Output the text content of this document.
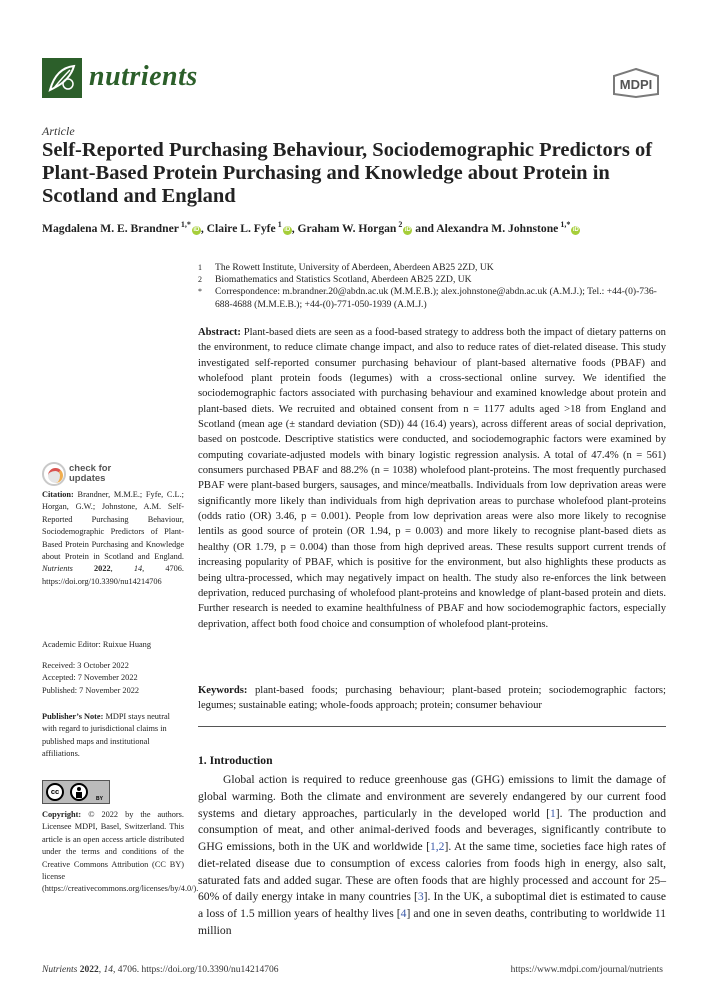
nutrients	MDPI
Article
Self-Reported Purchasing Behaviour, Sociodemographic Predictors of Plant-Based Protein Purchasing and Knowledge about Protein in Scotland and England
Magdalena M. E. Brandner $^{1,*}$iD , Claire L. Fyfe $^1$iD , Graham W. Horgan $^2$iD and Alexandra M. Johnstone $^{1,*}$iD
1	The Rowett Institute, University of Aberdeen, Aberdeen AB25 2ZD, UK
2	Biomathematics and Statistics Scotland, Aberdeen AB25 2ZD, UK
*	Correspondence: m.brandner.20@abdn.ac.uk (M.M.E.B.); alex.johnstone@abdn.ac.uk (A.M.J.); Tel.: +44-(0)-736-688-4688 (M.M.E.B.); +44-(0)-771-050-1939 (A.M.J.)
Abstract: Plant-based diets are seen as a food-based strategy to address both the impact of dietary patterns on the environment, to reduce climate change impact, and also to reduce rates of diet-related disease. This study investigated self-reported consumer purchasing behaviour of plant-based alternative foods (PBAF) and wholefood plant protein foods (legumes) with a cross-sectional online survey. We identified the sociodemographic factors associated with purchasing behaviour and examined knowledge about protein and plant-based diets. We recruited and obtained consent from n = 1177 adults aged >18 from England and Scotland (mean age (± standard deviation (SD)) 44 (16.4) years), across different areas of social deprivation, based on postcode. Descriptive statistics were conducted, and sociodemographic factors were examined by computing covariate-adjusted models with binary logistic regression analysis. A total of 47.4% (n = 561) consumers purchased PBAF and 88.2% (n = 1038) wholefood plant-proteins. The most frequently purchased PBAF were plant-based burgers, sausages, and mince/meatballs. Individuals from low deprivation areas were significantly more likely than individuals from high deprivation areas to purchase wholefood plant-proteins (odds ratio (OR) 3.46, p = 0.001). People from low deprivation areas were also more likely to recognise lentils as good source of protein (OR 1.94, p = 0.003) and more likely to recognise plant-based diets as healthy (OR 1.79, p = 0.004) than those from high deprived areas. These results support current trends of increasing popularity of PBAF, which is positive for the environment, but also highlights these products as being ultra-processed, which may negatively impact on health. The study also re-enforces the link between deprivation, reduced purchasing of wholefood plant-proteins and knowledge of plant-based protein and diets. Further research is needed to examine healthfulness of PBAF and how sociodemographic factors, especially deprivation, affect both food choice and consumption of wholefood plant-proteins.
Keywords: plant-based foods; purchasing behaviour; plant-based protein; sociodemographic factors; legumes; sustainable eating; whole-foods approach; protein; consumer behaviour
check for
updates
Citation: Brandner, M.M.E.; Fyfe, C.L.; Horgan, G.W.; Johnstone, A.M. Self-Reported Purchasing Behaviour, Sociodemographic Predictors of Plant-Based Protein Purchasing and Knowledge about Protein in Scotland and England. Nutrients	2022, 14, 4706. https://doi.org/10.3390/nu14214706
Academic Editor: Ruixue Huang
Received: 3 October 2022
Accepted: 7 November 2022
Published: 7 November 2022
Publisher’s Note: MDPI stays neutral with regard to jurisdictional claims in published maps and institutional affiliations.
cc
BY
Copyright: © 2022 by the authors. Licensee MDPI, Basel, Switzerland. This article is an open access article distributed under the terms and conditions of the Creative Commons Attribution (CC BY) license (https://creativecommons.org/licenses/by/4.0/).
1. Introduction
Global action is required to reduce greenhouse gas (GHG) emissions to limit the damage of global warming. Both the climate and environment are severely endangered by our current food systems and dietary approaches, particularly in the developed world [1]. The production and consumption of meat, and other animal-derived foods and beverages, significantly contribute to GHG emissions, both in the UK and worldwide [1,2]. At the same time, societies face high rates of diet-related disease due to consumption of excess calories from foods high in energy, also salt, saturated fats and added sugar. These are often foods that are highly processed and account for 25–60% of daily energy intake in many countries [3]. In the UK, a suboptimal diet is estimated to cause a loss of 1.5 million years of healthy lives [4] and one in seven deaths, contributing to worldwide 11 million
Nutrients 2022, 14, 4706. https://doi.org/10.3390/nu14214706	https://www.mdpi.com/journal/nutrients
